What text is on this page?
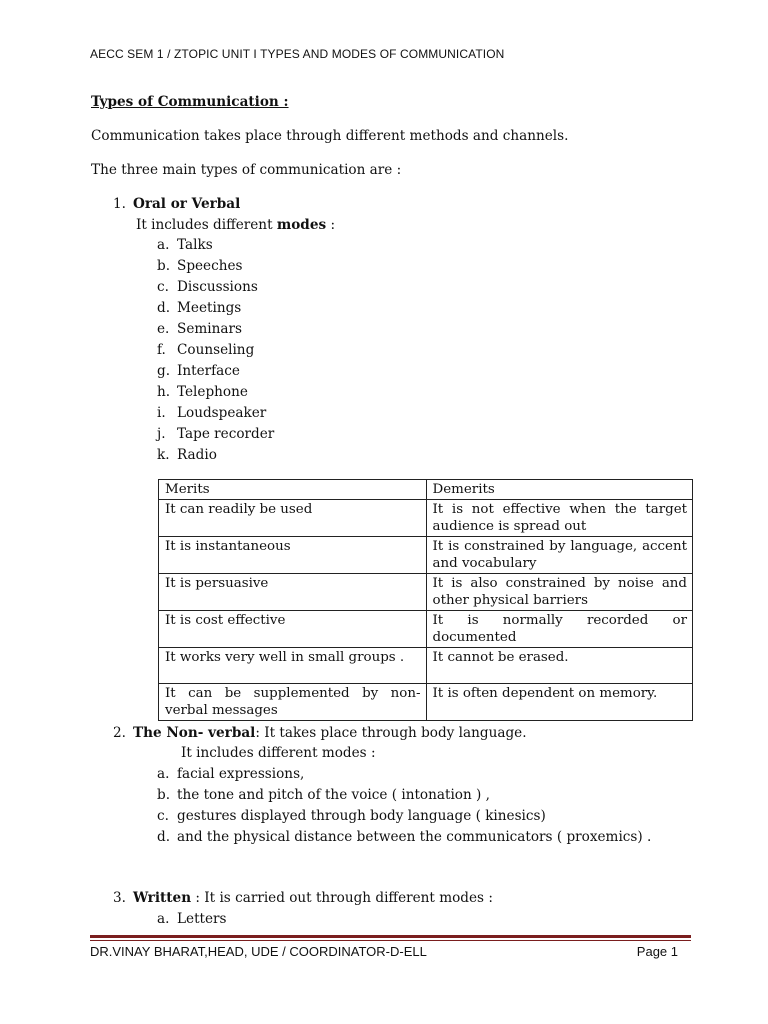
AECC SEM 1 / ZTOPIC UNIT I TYPES AND MODES OF COMMUNICATION
Types of Communication :
Communication takes place through different methods and channels.
The three main types of communication are :
1. Oral or Verbal
It includes different modes :
a. Talks
b. Speeches
c. Discussions
d. Meetings
e. Seminars
f. Counseling
g. Interface
h. Telephone
i. Loudspeaker
j. Tape recorder
k. Radio
Merits	Demerits
It can readily be used	It is not effective when the target audience is spread out
It is instantaneous	It is constrained by language, accent and vocabulary
It is persuasive	It is also constrained by noise and other physical barriers
It is cost effective	It is normally recorded or documented
It works very well in small groups .	It cannot be erased.
It can be supplemented by non-verbal messages	It is often dependent on memory.
2. The Non- verbal: It takes place through body language.
It includes different modes :
a. facial expressions,
b. the tone and pitch of the voice ( intonation ) ,
c. gestures displayed through body language ( kinesics)
d. and the physical distance between the communicators ( proxemics) .
3. Written : It is carried out through different modes :
a. Letters
DR.VINAY BHARAT,HEAD, UDE / COORDINATOR-D-ELL	Page 1
